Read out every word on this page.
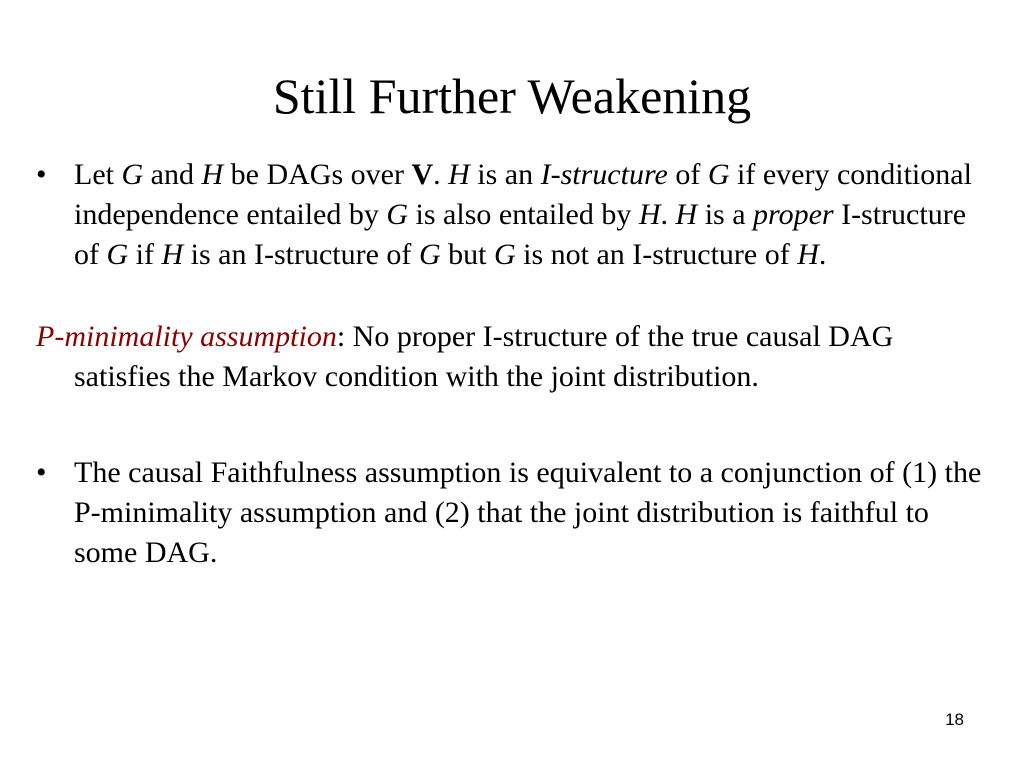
Still Further Weakening

• Let G and H be DAGs over V. H is an I-structure of G if every conditional independence entailed by G is also entailed by H. H is a proper I-structure of G if H is an I-structure of G but G is not an I-structure of H.

P-minimality assumption: No proper I-structure of the true causal DAG satisfies the Markov condition with the joint distribution.

• The causal Faithfulness assumption is equivalent to a conjunction of (1) the P-minimality assumption and (2) that the joint distribution is faithful to some DAG.

18
